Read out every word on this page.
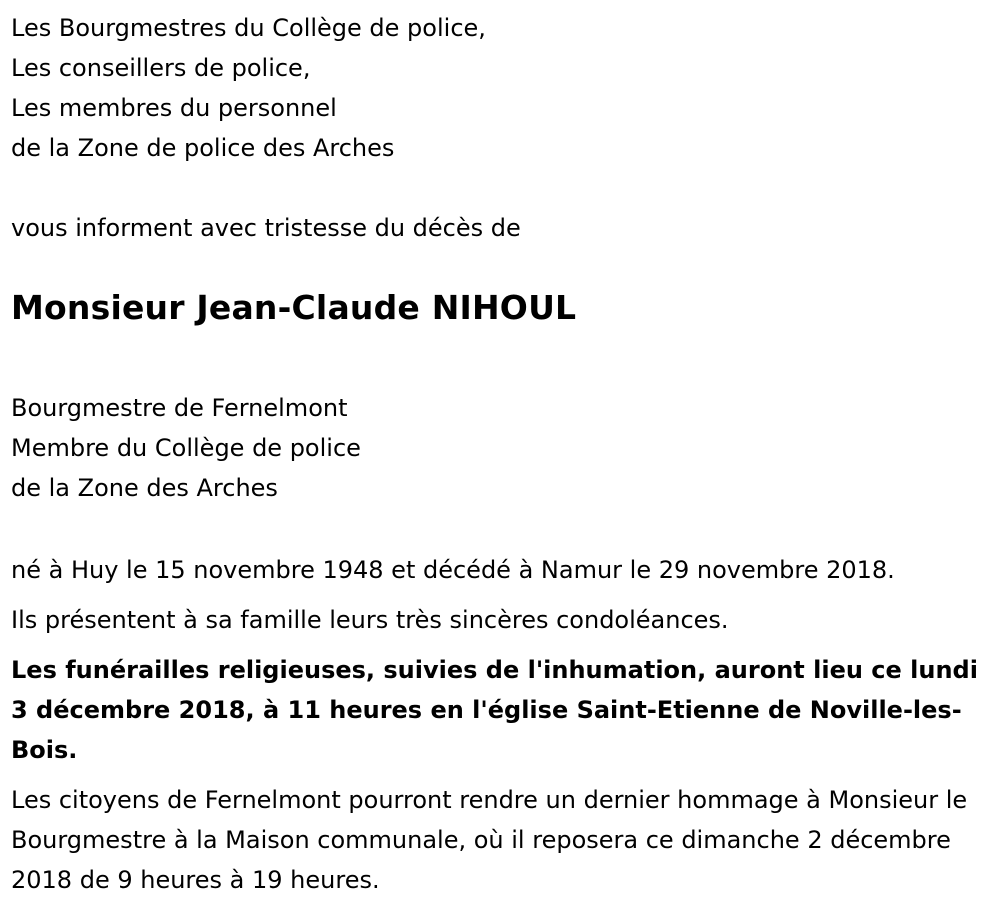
Les Bourgmestres du Collège de police,

Les conseillers de police,

Les membres du personnel

de la Zone de police des Arches

vous informent avec tristesse du décès de

Monsieur Jean-Claude NIHOUL

Bourgmestre de Fernelmont

Membre du Collège de police

de la Zone des Arches

né à Huy le 15 novembre 1948 et décédé à Namur le 29 novembre 2018.

Ils présentent à sa famille leurs très sincères condoléances.

Les funérailles religieuses, suivies de l'inhumation, auront lieu ce lundi 3 décembre 2018, à 11 heures en l'église Saint-Etienne de Noville-les-Bois.

Les citoyens de Fernelmont pourront rendre un dernier hommage à Monsieur le Bourgmestre à la Maison communale, où il reposera ce dimanche 2 décembre 2018 de 9 heures à 19 heures.
